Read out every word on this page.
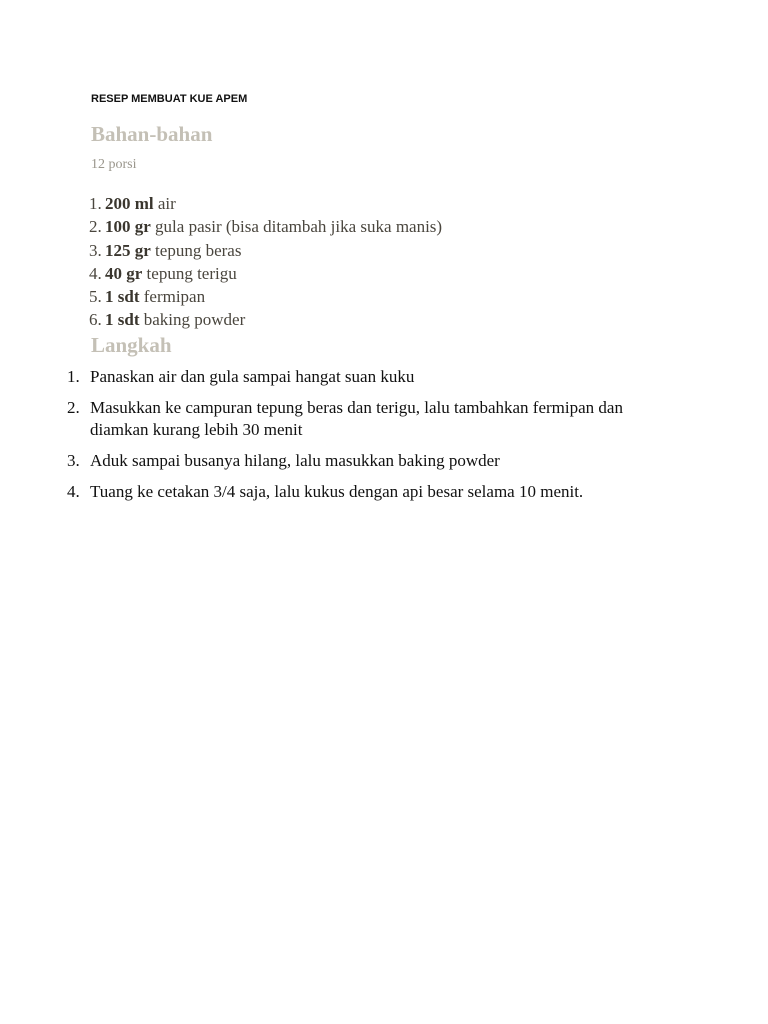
RESEP MEMBUAT KUE APEM
Bahan-bahan
12 porsi
1. 200 ml air
2. 100 gr gula pasir (bisa ditambah jika suka manis)
3. 125 gr tepung beras
4. 40 gr tepung terigu
5. 1 sdt fermipan
6. 1 sdt baking powder
Langkah
1. Panaskan air dan gula sampai hangat suan kuku
2. Masukkan ke campuran tepung beras dan terigu, lalu tambahkan fermipan dan diamkan kurang lebih 30 menit
3. Aduk sampai busanya hilang, lalu masukkan baking powder
4. Tuang ke cetakan 3/4 saja, lalu kukus dengan api besar selama 10 menit.
